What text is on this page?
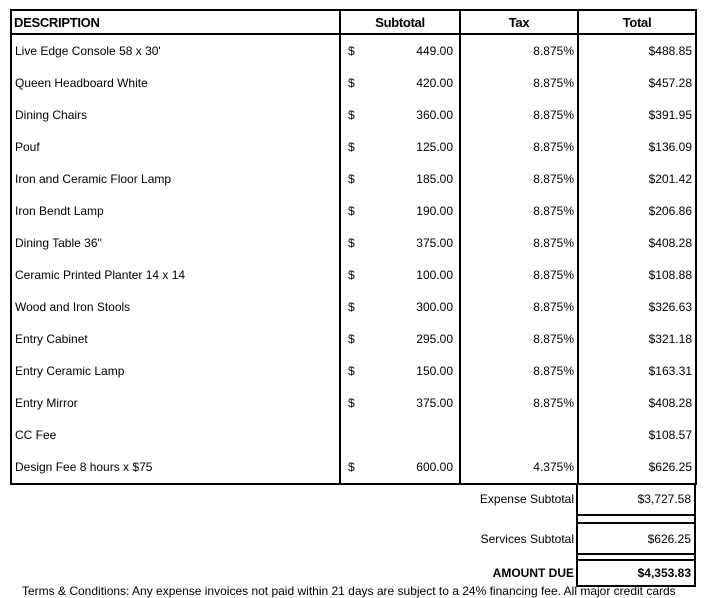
DESCRIPTION	Subtotal	Tax	Total
Live Edge Console 58 x 30'	$ 449.00	8.875%	$488.85
Queen Headboard White	$ 420.00	8.875%	$457.28
Dining Chairs	$ 360.00	8.875%	$391.95
Pouf	$ 125.00	8.875%	$136.09
Iron and Ceramic Floor Lamp	$ 185.00	8.875%	$201.42
Iron Bendt Lamp	$ 190.00	8.875%	$206.86
Dining Table 36"	$ 375.00	8.875%	$408.28
Ceramic Printed Planter 14 x 14	$ 100.00	8.875%	$108.88
Wood and Iron Stools	$ 300.00	8.875%	$326.63
Entry Cabinet	$ 295.00	8.875%	$321.18
Entry Ceramic Lamp	$ 150.00	8.875%	$163.31
Entry Mirror	$ 375.00	8.875%	$408.28
CC Fee			$108.57
Design Fee 8 hours x $75	$ 600.00	4.375%	$626.25
Expense Subtotal	$3,727.58

Services Subtotal	$626.25

AMOUNT DUE	$4,353.83
Terms & Conditions: Any expense invoices not paid within 21 days are subject to a 24% financing fee. All major credit cards
